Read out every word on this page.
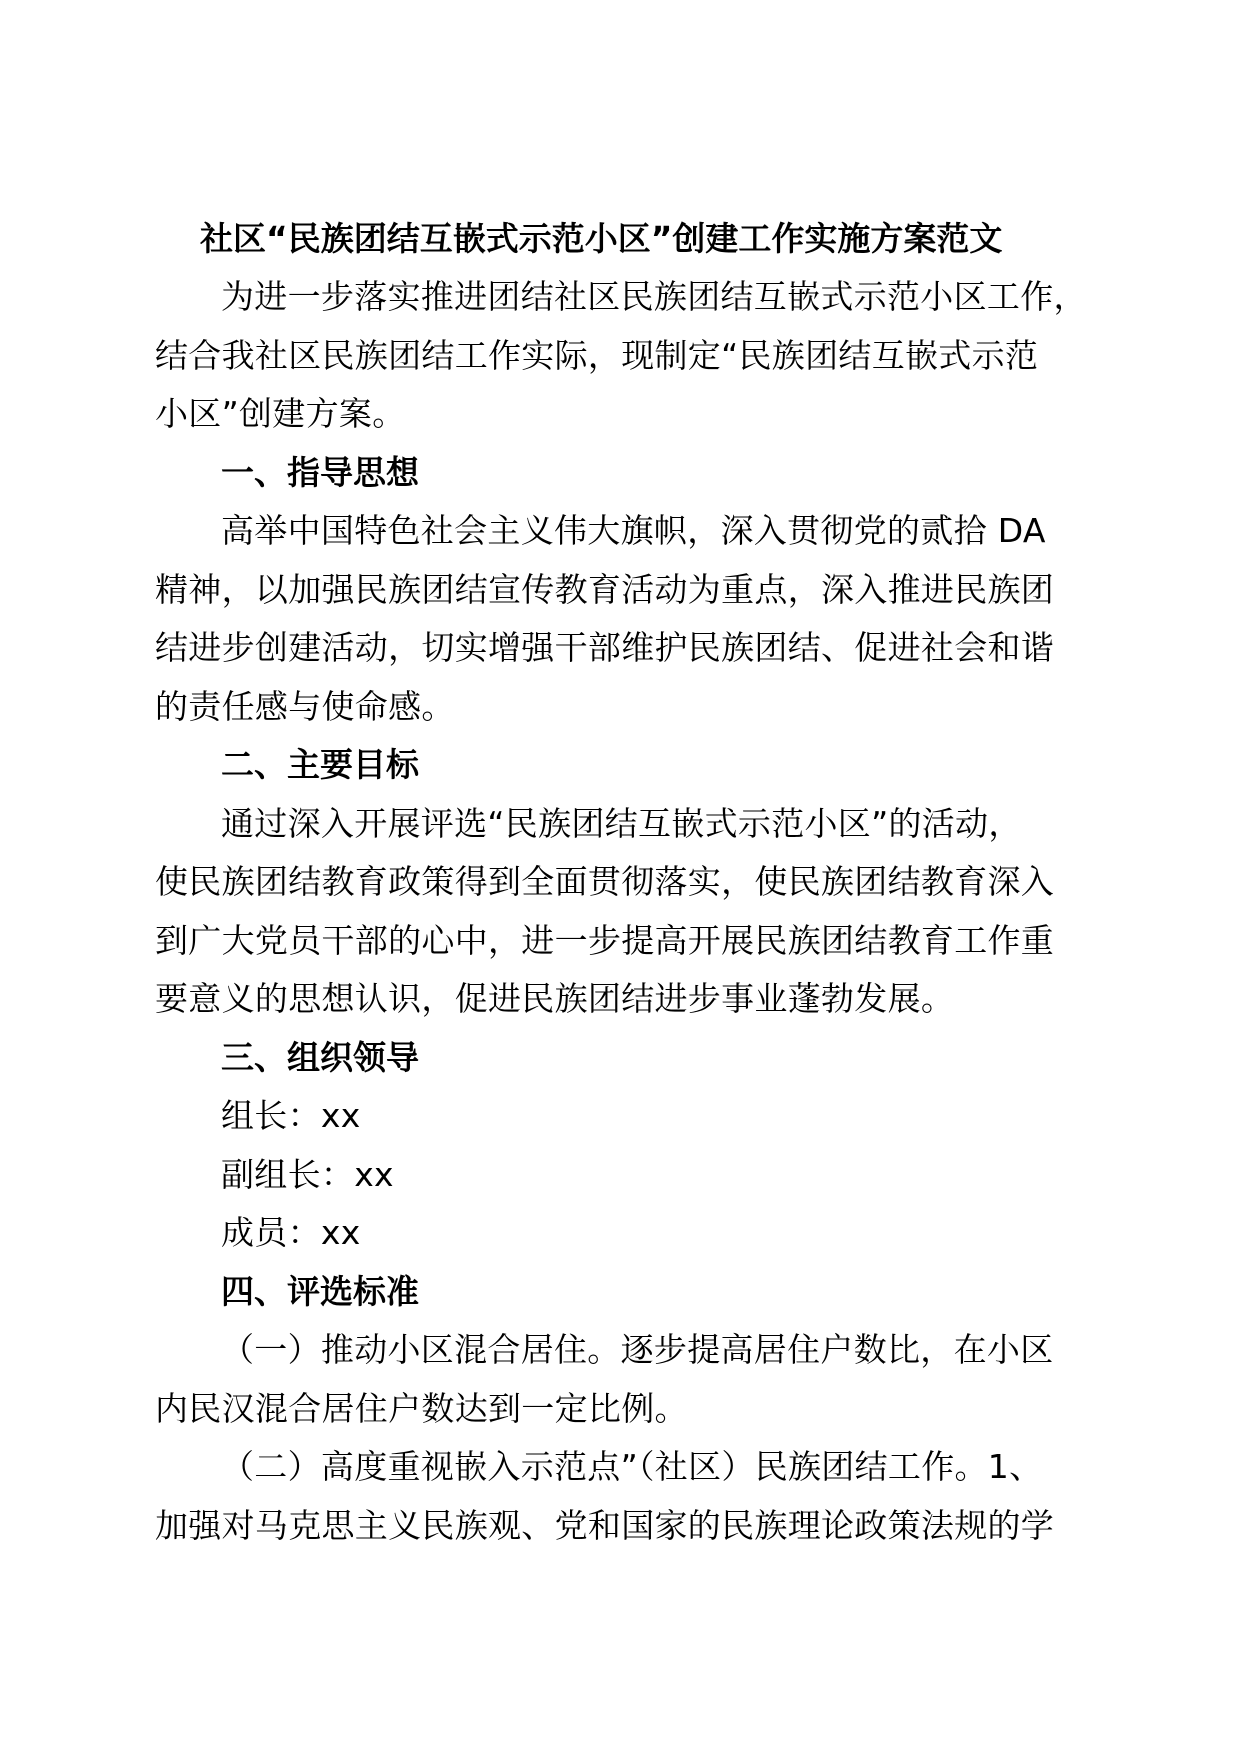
社区“民族团结互嵌式示范小区”创建工作实施方案范文

为进一步落实推进团结社区民族团结互嵌式示范小区工作，
结合我社区民族团结工作实际，现制定“民族团结互嵌式示范
小区”创建方案。

一、指导思想

高举中国特色社会主义伟大旗帜，深入贯彻党的贰拾 DA
精神，以加强民族团结宣传教育活动为重点，深入推进民族团
结进步创建活动，切实增强干部维护民族团结、促进社会和谐
的责任感与使命感。

二、主要目标

通过深入开展评选“民族团结互嵌式示范小区”的活动，
使民族团结教育政策得到全面贯彻落实，使民族团结教育深入
到广大党员干部的心中，进一步提高开展民族团结教育工作重
要意义的思想认识，促进民族团结进步事业蓬勃发展。

三、组织领导

组长：xx

副组长：xx

成员：xx

四、评选标准

（一）推动小区混合居住。逐步提高居住户数比，在小区
内民汉混合居住户数达到一定比例。

（二）高度重视嵌入示范点”（社区）民族团结工作。1、
加强对马克思主义民族观、党和国家的民族理论政策法规的学
